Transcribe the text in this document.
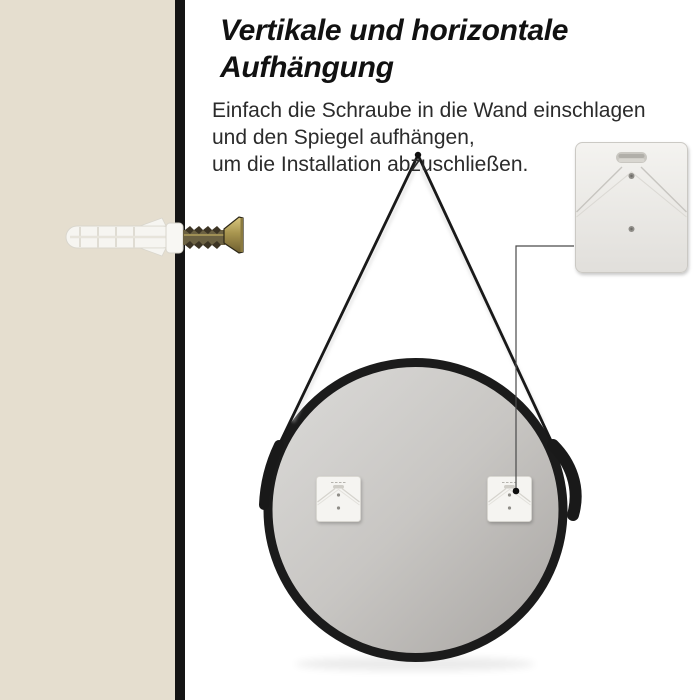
Vertikale und horizontale
Aufhängung
Einfach die Schraube in die Wand einschlagen
und den Spiegel aufhängen,
um die Installation abzuschließen.
